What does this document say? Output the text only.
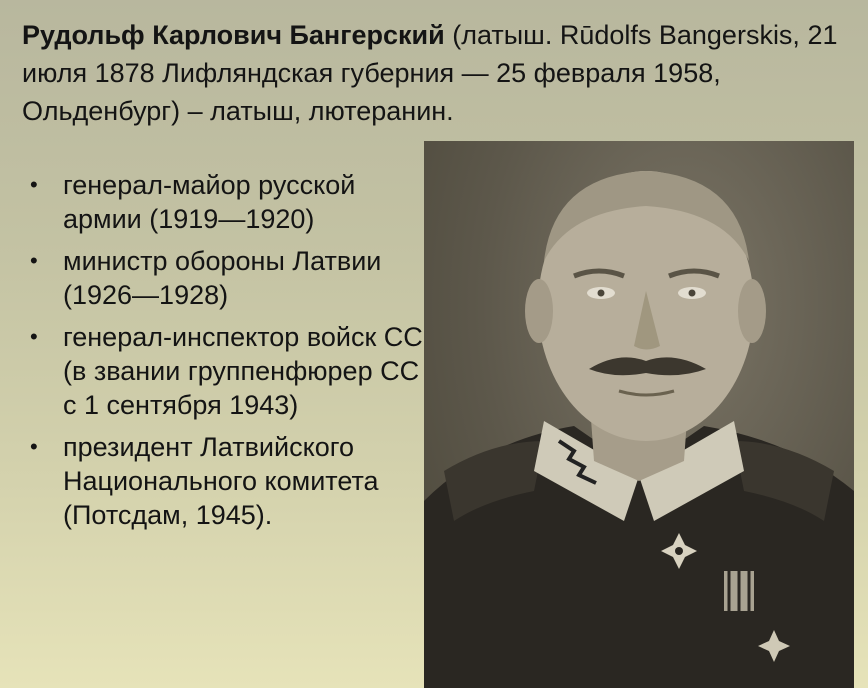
Рудольф Карлович Бангерский (латыш. Rūdolfs Bangerskis, 21 июля 1878 Лифляндская губерния — 25 февраля 1958, Ольденбург) – латыш, лютеранин.

• генерал-майор русской армии (1919—1920)
• министр обороны Латвии (1926—1928)
• генерал-инспектор войск СС (в звании группенфюрер СС с 1 сентября 1943)
• президент Латвийского Национального комитета (Потсдам, 1945).
